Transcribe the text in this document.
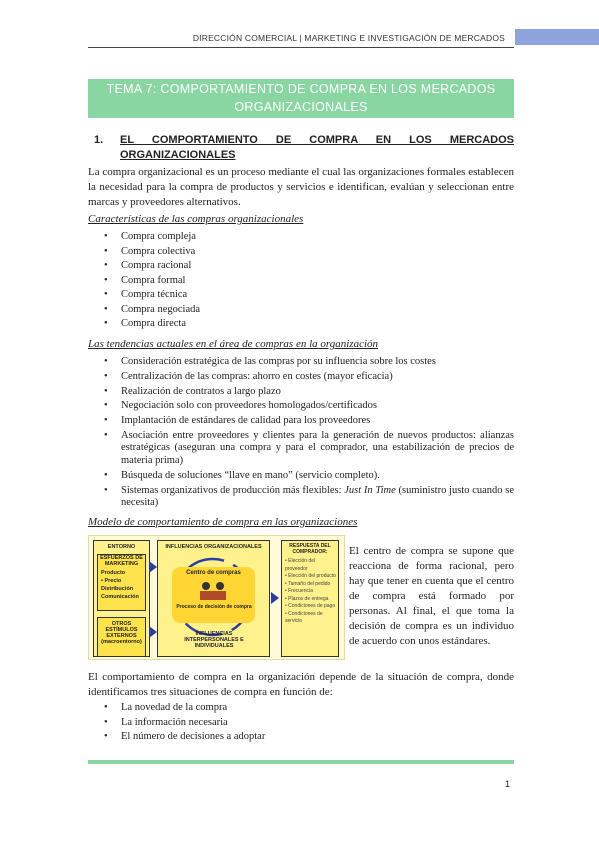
DIRECCIÓN COMERCIAL | MARKETING E INVESTIGACIÓN DE MERCADOS
TEMA 7: COMPORTAMIENTO DE COMPRA EN LOS MERCADOS
ORGANIZACIONALES
1. EL COMPORTAMIENTO DE COMPRA EN LOS MERCADOS
ORGANIZACIONALES

La compra organizacional es un proceso mediante el cual las organizaciones formales establecen la necesidad para la compra de productos y servicios e identifican, evalúan y seleccionan entre marcas y proveedores alternativos.

Características de las compras organizacionales
• Compra compleja
• Compra colectiva
• Compra racional
• Compra formal
• Compra técnica
• Compra negociada
• Compra directa
Las tendencias actuales en el área de compras en la organización
• Consideración estratégica de las compras por su influencia sobre los costes
• Centralización de las compras: ahorro en costes (mayor eficacia)
• Realización de contratos a largo plazo
• Negociación solo con proveedores homologados/certificados
• Implantación de estándares de calidad para los proveedores
• Asociación entre proveedores y clientes para la generación de nuevos productos: alianzas estratégicas (aseguran una compra y para el comprador, una estabilización de precios de materia prima)
• Búsqueda de soluciones “llave en mano” (servicio completo).
• Sistemas organizativos de producción más flexibles: Just In Time (suministro justo cuando se necesita)
Modelo de comportamiento de compra en las organizaciones
ENTORNO
ESFUERZOS DE MARKETING
Producto
• Precio
Distribución
Comunicación
OTROS ESTÍMULOS EXTERNOS (macroentorno)
INFLUENCIAS ORGANIZACIONALES
Centro de compras
Proceso de decisión de compra
INFLUENCIAS INTERPERSONALES E INDIVIDUALES
RESPUESTA DEL COMPRADOR:
• Elección del proveedor
• Elección del producto
• Tamaño del pedido
• Frecuencia
• Plazos de entrega
• Condiciones de pago
• Condiciones de servicio

El centro de compra se supone que reacciona de forma racional, pero hay que tener en cuenta que el centro de compra está formado por personas. Al final, el que toma la decisión de compra es un individuo de acuerdo con unos estándares.

El comportamiento de compra en la organización depende de la situación de compra, donde identificamos tres situaciones de compra en función de:

• La novedad de la compra
• La información necesaria
• El número de decisiones a adoptar
1
